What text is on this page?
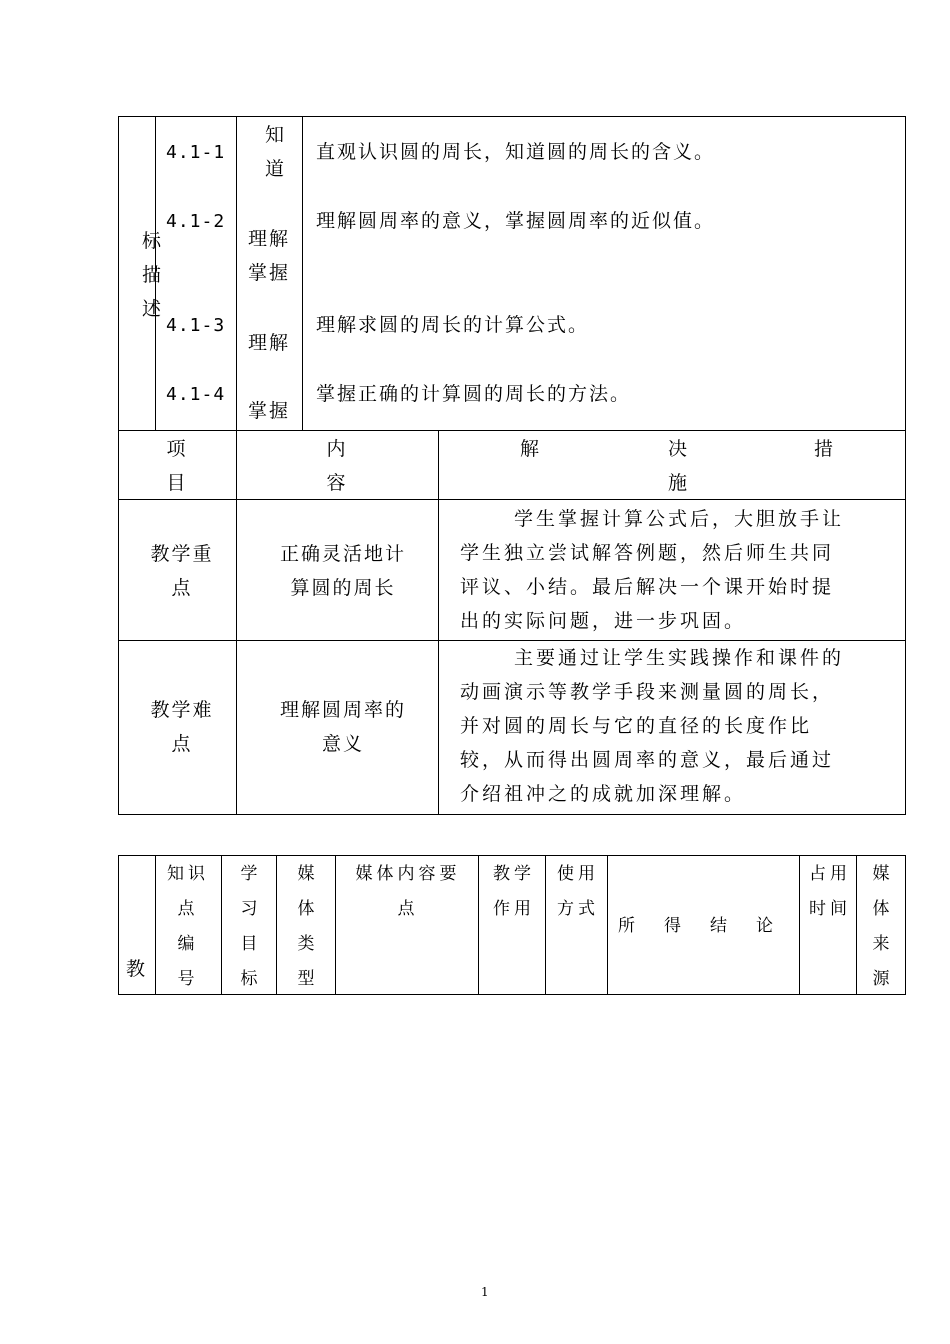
标
描
述
4.1-1
4.1-2
4.1-3
4.1-4
知
道
理解
掌握
理解
掌握
直观认识圆的周长，知道圆的周长的含义。
理解圆周率的意义，掌握圆周率的近似值。
理解求圆的周长的计算公式。
掌握正确的计算圆的周长的方法。
项
目
内
容
解	决	措
施
教学重
点
正确灵活地计
算圆的周长
学生掌握计算公式后，大胆放手让
学生独立尝试解答例题，然后师生共同
评议、小结。最后解决一个课开始时提
出的实际问题，进一步巩固。
教学难
点
理解圆周率的
意义
主要通过让学生实践操作和课件的
动画演示等教学手段来测量圆的周长，
并对圆的周长与它的直径的长度作比
较，从而得出圆周率的意义，最后通过
介绍祖冲之的成就加深理解。
教
知识
点
编
号
学
习
目
标
媒
体
类
型
媒体内容要
点
教学
作用
使用
方式
所　得　结　论
占用
时间
媒
体
来
源
1
